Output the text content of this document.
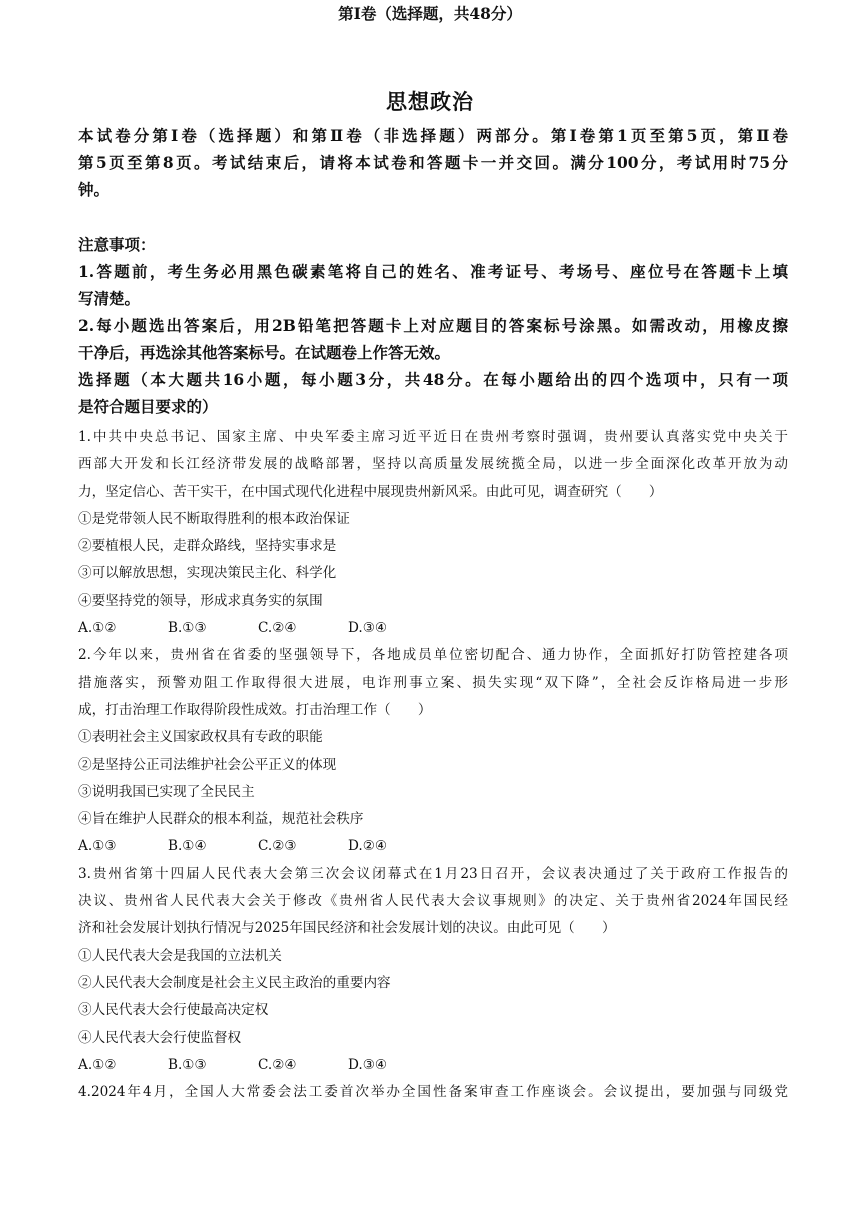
思想政治
本试卷分第Ⅰ卷（选择题）和第Ⅱ卷（非选择题）两部分。第Ⅰ卷第1页至第5页，第Ⅱ卷
第5页至第8页。考试结束后，请将本试卷和答题卡一并交回。满分100分，考试用时75分
钟。
第Ⅰ卷（选择题，共48分）
注意事项：
1.答题前，考生务必用黑色碳素笔将自己的姓名、准考证号、考场号、座位号在答题卡上填
写清楚。
2.每小题选出答案后，用2B铅笔把答题卡上对应题目的答案标号涂黑。如需改动，用橡皮擦
干净后，再选涂其他答案标号。在试题卷上作答无效。
选择题（本大题共16小题，每小题3分，共48分。在每小题给出的四个选项中，只有一项
是符合题目要求的）
1.中共中央总书记、国家主席、中央军委主席习近平近日在贵州考察时强调，贵州要认真落实党中央关于
西部大开发和长江经济带发展的战略部署，坚持以高质量发展统揽全局，以进一步全面深化改革开放为动
力，坚定信心、苦干实干，在中国式现代化进程中展现贵州新风采。由此可见，调查研究（　　）
①是党带领人民不断取得胜利的根本政治保证
②要植根人民，走群众路线，坚持实事求是
③可以解放思想，实现决策民主化、科学化
④要坚持党的领导，形成求真务实的氛围
A.①②	B.①③	C.②④	D.③④
2.今年以来，贵州省在省委的坚强领导下，各地成员单位密切配合、通力协作，全面抓好打防管控建各项
措施落实，预警劝阻工作取得很大进展，电诈刑事立案、损失实现“双下降”，全社会反诈格局进一步形
成，打击治理工作取得阶段性成效。打击治理工作（　　）
①表明社会主义国家政权具有专政的职能
②是坚持公正司法维护社会公平正义的体现
③说明我国已实现了全民民主
④旨在维护人民群众的根本利益，规范社会秩序
A.①③	B.①④	C.②③	D.②④
3.贵州省第十四届人民代表大会第三次会议闭幕式在1月23日召开，会议表决通过了关于政府工作报告的
决议、贵州省人民代表大会关于修改《贵州省人民代表大会议事规则》的决定、关于贵州省2024年国民经
济和社会发展计划执行情况与2025年国民经济和社会发展计划的决议。由此可见（　　）
①人民代表大会是我国的立法机关
②人民代表大会制度是社会主义民主政治的重要内容
③人民代表大会行使最高决定权
④人民代表大会行使监督权
A.①②	B.①③	C.②④	D.③④
4.2024年4月，全国人大常委会法工委首次举办全国性备案审查工作座谈会。会议提出，要加强与同级党
